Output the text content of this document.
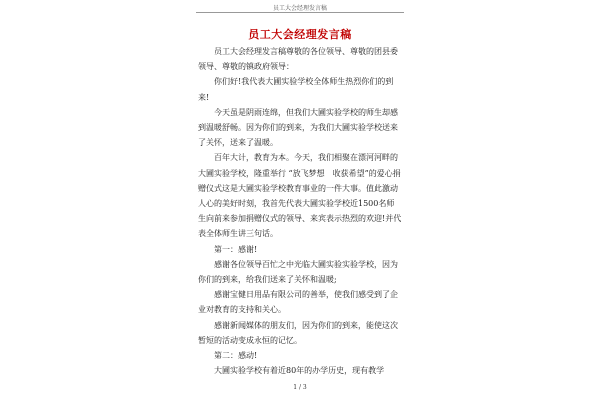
员工大会经理发言稿
员工大会经理发言稿

员工大会经理发言稿尊敬的各位领导、尊敬的团县委领导、尊敬的镇政府领导：

你们好!我代表大圃实验学校全体师生热烈你们的到来!

今天虽是阴雨连绵，但我们大圃实验学校的师生却感到温暖舒畅。因为你们的到来，为我们大圃实验学校送来了关怀，送来了温暖。

百年大计，教育为本。今天，我们相聚在漂河河畔的大圃实验学校，隆重举行 “放飞梦想　收获希望”的爱心捐赠仪式这是大圃实验学校教育事业的一件大事。值此激动人心的美好时刻，我首先代表大圃实验学校近1500名师生向前来参加捐赠仪式的领导、来宾表示热烈的欢迎!并代表全体师生讲三句话。

第一：感谢!

感谢各位领导百忙之中光临大圃实验实验学校，因为你们的到来，给我们送来了关怀和温暖;

感谢宝健日用品有限公司的善举，使我们感受到了企业对教育的支持和关心。

感谢新闻媒体的朋友们，因为你们的到来，能使这次暂短的活动变成永恒的记忆。

第二：感动!

大圃实验学校有着近80年的办学历史，现有教学

1 / 3
